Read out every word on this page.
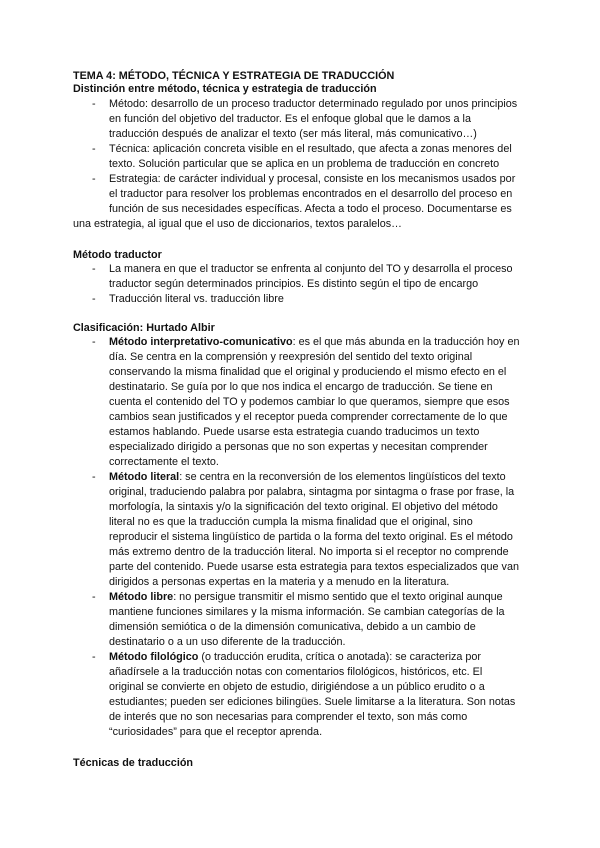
TEMA 4: MÉTODO, TÉCNICA Y ESTRATEGIA DE TRADUCCIÓN

Distinción entre método, técnica y estrategia de traducción

- Método: desarrollo de un proceso traductor determinado regulado por unos principios en función del objetivo del traductor. Es el enfoque global que le damos a la traducción después de analizar el texto (ser más literal, más comunicativo…)
- Técnica: aplicación concreta visible en el resultado, que afecta a zonas menores del texto. Solución particular que se aplica en un problema de traducción en concreto
- Estrategia: de carácter individual y procesal, consiste en los mecanismos usados por el traductor para resolver los problemas encontrados en el desarrollo del proceso en función de sus necesidades específicas. Afecta a todo el proceso. Documentarse es

una estrategia, al igual que el uso de diccionarios, textos paralelos…

Método traductor

- La manera en que el traductor se enfrenta al conjunto del TO y desarrolla el proceso traductor según determinados principios. Es distinto según el tipo de encargo
- Traducción literal vs. traducción libre

Clasificación: Hurtado Albir

- Método interpretativo-comunicativo: es el que más abunda en la traducción hoy en día. Se centra en la comprensión y reexpresión del sentido del texto original conservando la misma finalidad que el original y produciendo el mismo efecto en el destinatario. Se guía por lo que nos indica el encargo de traducción. Se tiene en cuenta el contenido del TO y podemos cambiar lo que queramos, siempre que esos cambios sean justificados y el receptor pueda comprender correctamente de lo que estamos hablando. Puede usarse esta estrategia cuando traducimos un texto especializado dirigido a personas que no son expertas y necesitan comprender correctamente el texto.
- Método literal: se centra en la reconversión de los elementos lingüísticos del texto original, traduciendo palabra por palabra, sintagma por sintagma o frase por frase, la morfología, la sintaxis y/o la significación del texto original. El objetivo del método literal no es que la traducción cumpla la misma finalidad que el original, sino reproducir el sistema lingüístico de partida o la forma del texto original. Es el método más extremo dentro de la traducción literal. No importa si el receptor no comprende parte del contenido. Puede usarse esta estrategia para textos especializados que van dirigidos a personas expertas en la materia y a menudo en la literatura.
- Método libre: no persigue transmitir el mismo sentido que el texto original aunque mantiene funciones similares y la misma información. Se cambian categorías de la dimensión semiótica o de la dimensión comunicativa, debido a un cambio de destinatario o a un uso diferente de la traducción.
- Método filológico (o traducción erudita, crítica o anotada): se caracteriza por añadírsele a la traducción notas con comentarios filológicos, históricos, etc. El original se convierte en objeto de estudio, dirigiéndose a un público erudito o a estudiantes; pueden ser ediciones bilingües. Suele limitarse a la literatura. Son notas de interés que no son necesarias para comprender el texto, son más como “curiosidades” para que el receptor aprenda.

Técnicas de traducción
